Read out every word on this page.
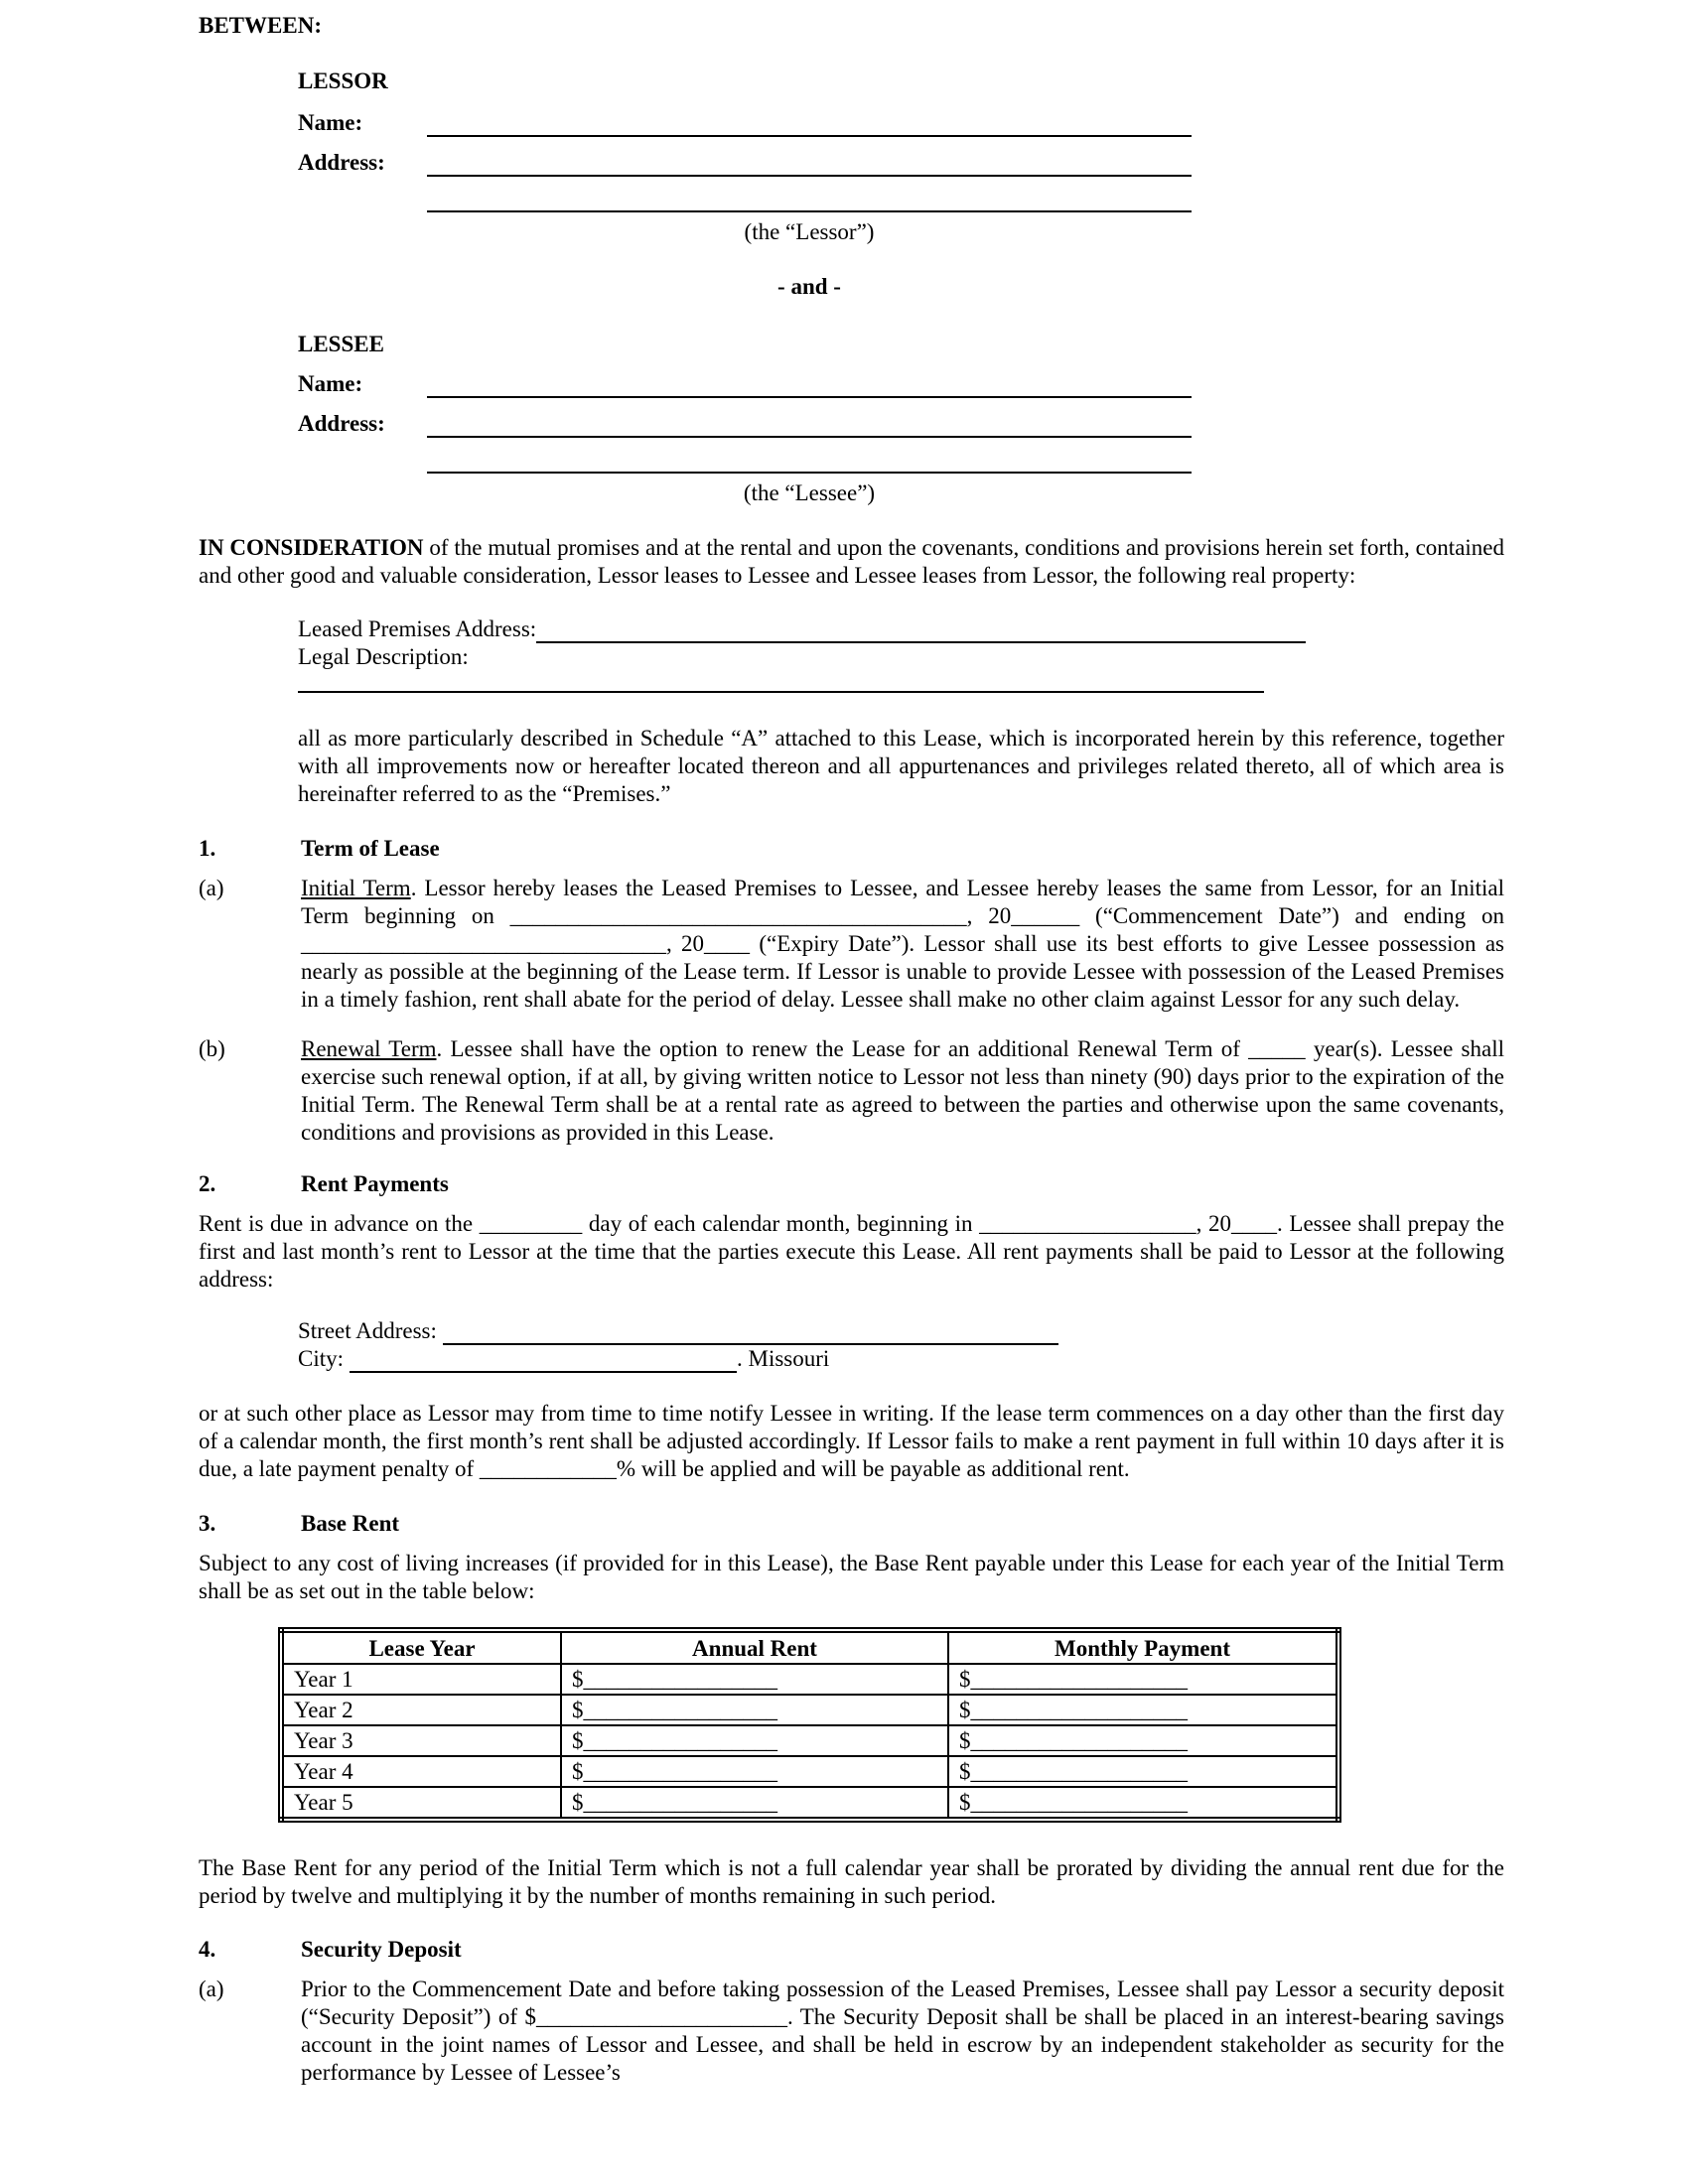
BETWEEN:
LESSOR
Name:
Address:
(the “Lessor”)
- and -
LESSEE
Name:
Address:
(the “Lessee”)

IN CONSIDERATION of the mutual promises and at the rental and upon the covenants, conditions and provisions herein set forth, contained and other good and valuable consideration, Lessor leases to Lessee and Lessee leases from Lessor, the following real property:

Leased Premises Address:
Legal Description:

all as more particularly described in Schedule “A” attached to this Lease, which is incorporated herein by this reference, together with all improvements now or hereafter located thereon and all appurtenances and privileges related thereto, all of which area is hereinafter referred to as the “Premises.”

1.	Term of Lease
(a)	Initial Term. Lessor hereby leases the Leased Premises to Lessee, and Lessee hereby leases the same from Lessor, for an Initial Term beginning on ________________________________________, 20______ (“Commencement Date”) and ending on ________________________________, 20____ (“Expiry Date”). Lessor shall use its best efforts to give Lessee possession as nearly as possible at the beginning of the Lease term. If Lessor is unable to provide Lessee with possession of the Leased Premises in a timely fashion, rent shall abate for the period of delay. Lessee shall make no other claim against Lessor for any such delay.
(b)	Renewal Term. Lessee shall have the option to renew the Lease for an additional Renewal Term of _____ year(s). Lessee shall exercise such renewal option, if at all, by giving written notice to Lessor not less than ninety (90) days prior to the expiration of the Initial Term. The Renewal Term shall be at a rental rate as agreed to between the parties and otherwise upon the same covenants, conditions and provisions as provided in this Lease.
2.	Rent Payments

Rent is due in advance on the _________ day of each calendar month, beginning in ___________________, 20____. Lessee shall prepay the first and last month’s rent to Lessor at the time that the parties execute this Lease. All rent payments shall be paid to Lessor at the following address:

Street Address:
City:	. Missouri

or at such other place as Lessor may from time to time notify Lessee in writing. If the lease term commences on a day other than the first day of a calendar month, the first month’s rent shall be adjusted accordingly. If Lessor fails to make a rent payment in full within 10 days after it is due, a late payment penalty of ____________% will be applied and will be payable as additional rent.

3.	Base Rent

Subject to any cost of living increases (if provided for in this Lease), the Base Rent payable under this Lease for each year of the Initial Term shall be as set out in the table below:

Lease Year	Annual Rent	Monthly Payment
Year 1	$_________________	$___________________
Year 2	$_________________	$___________________
Year 3	$_________________	$___________________
Year 4	$_________________	$___________________
Year 5	$_________________	$___________________

The Base Rent for any period of the Initial Term which is not a full calendar year shall be prorated by dividing the annual rent due for the period by twelve and multiplying it by the number of months remaining in such period.

4.	Security Deposit
(a)	Prior to the Commencement Date and before taking possession of the Leased Premises, Lessee shall pay Lessor a security deposit (“Security Deposit”) of $______________________. The Security Deposit shall be shall be placed in an interest-bearing savings account in the joint names of Lessor and Lessee, and shall be held in escrow by an independent stakeholder as security for the performance by Lessee of Lessee’s
